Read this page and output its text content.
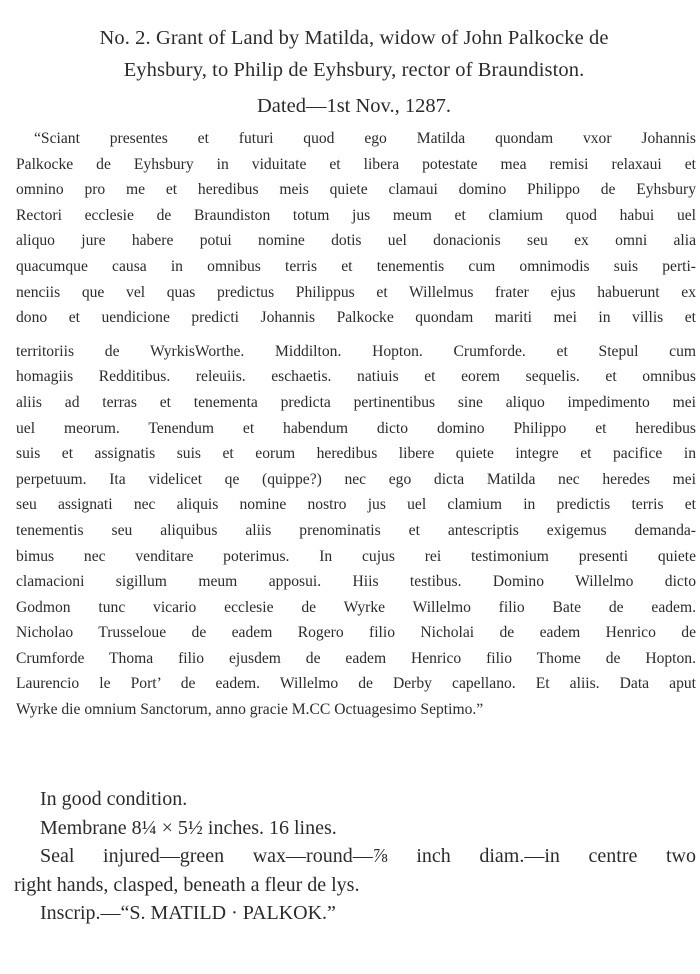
No. 2. Grant of Land by Matilda, widow of John Palkocke de
Eyhsbury, to Philip de Eyhsbury, rector of Braundiston.
Dated—1st Nov., 1287.
“Sciant presentes et futuri quod ego Matilda quondam vxor Johannis
Palkocke de Eyhsbury in viduitate et libera potestate mea remisi relaxaui et
omnino pro me et heredibus meis quiete clamaui domino Philippo de Eyhsbury
Rectori ecclesie de Braundiston totum jus meum et clamium quod habui uel
aliquo jure habere potui nomine dotis uel donacionis seu ex omni alia
quacumque causa in omnibus terris et tenementis cum omnimodis suis perti-
nenciis que vel quas predictus Philippus et Willelmus frater ejus habuerunt ex
dono et uendicione predicti Johannis Palkocke quondam mariti mei in villis et
territoriis de WyrkisWorthe. Middilton. Hopton. Crumforde. et Stepul cum
homagiis Redditibus. releuiis. eschaetis. natiuis et eorem sequelis. et omnibus
aliis ad terras et tenementa predicta pertinentibus sine aliquo impedimento mei
uel meorum. Tenendum et habendum dicto domino Philippo et heredibus
suis et assignatis suis et eorum heredibus libere quiete integre et pacifice in
perpetuum. Ita videlicet qe (quippe?) nec ego dicta Matilda nec heredes mei
seu assignati nec aliquis nomine nostro jus uel clamium in predictis terris et
tenementis seu aliquibus aliis prenominatis et antescriptis exigemus demanda-
bimus nec venditare poterimus. In cujus rei testimonium presenti quiete
clamacioni sigillum meum apposui. Hiis testibus. Domino Willelmo dicto
Godmon tunc vicario ecclesie de Wyrke Willelmo filio Bate de eadem.
Nicholao Trusseloue de eadem Rogero filio Nicholai de eadem Henrico de
Crumforde Thoma filio ejusdem de eadem Henrico filio Thome de Hopton.
Laurencio le Port’ de eadem. Willelmo de Derby capellano. Et aliis. Data aput
Wyrke die omnium Sanctorum, anno gracie M.CC Octuagesimo Septimo.”
In good condition.
Membrane 8¼ × 5½ inches. 16 lines.
Seal injured—green wax—round—⅞ inch diam.—in centre two
right hands, clasped, beneath a fleur de lys.
Inscrip.—“S. MATILD · PALKOK.”
